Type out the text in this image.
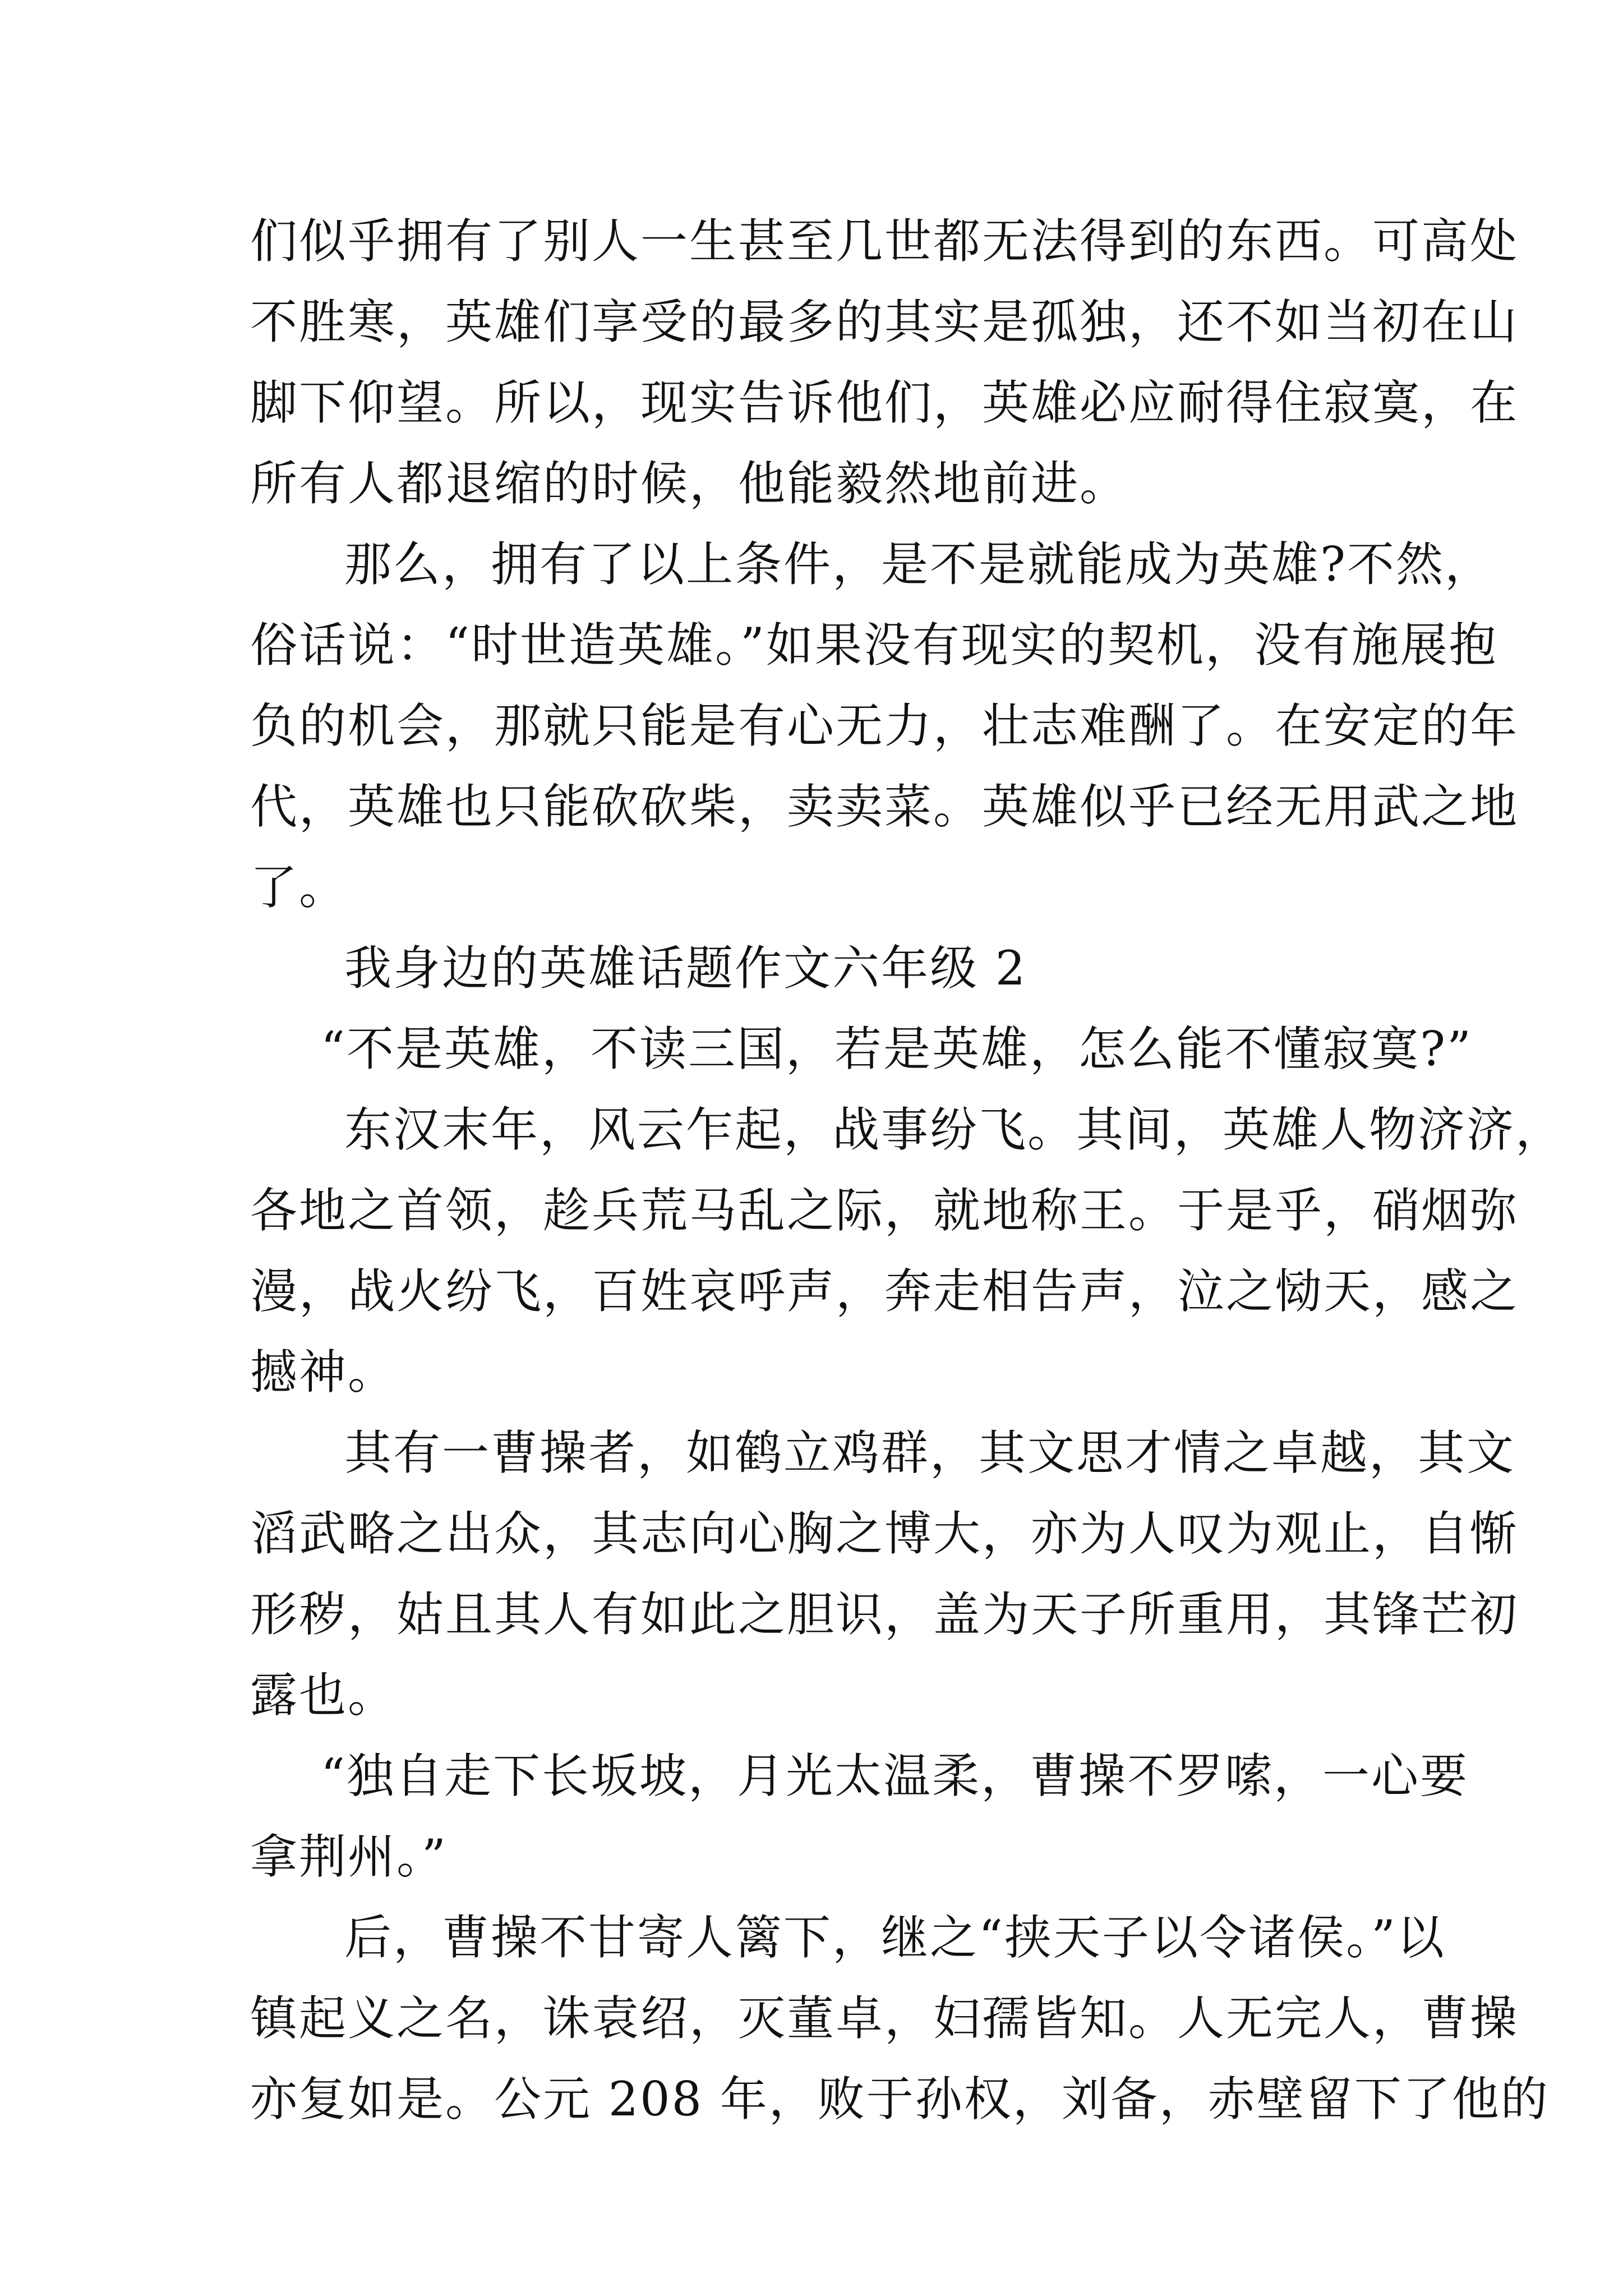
们似乎拥有了别人一生甚至几世都无法得到的东西。可高处
不胜寒，英雄们享受的最多的其实是孤独，还不如当初在山
脚下仰望。所以，现实告诉他们，英雄必应耐得住寂寞，在
所有人都退缩的时候，他能毅然地前进。
那么，拥有了以上条件，是不是就能成为英雄?不然，
俗话说：“时世造英雄。”如果没有现实的契机，没有施展抱
负的机会，那就只能是有心无力，壮志难酬了。在安定的年
代，英雄也只能砍砍柴，卖卖菜。英雄似乎已经无用武之地
了。
我身边的英雄话题作文六年级 2
“不是英雄，不读三国，若是英雄，怎么能不懂寂寞?”
东汉末年，风云乍起，战事纷飞。其间，英雄人物济济，
各地之首领，趁兵荒马乱之际，就地称王。于是乎，硝烟弥
漫，战火纷飞，百姓哀呼声，奔走相告声，泣之恸天，感之
撼神。
其有一曹操者，如鹤立鸡群，其文思才情之卓越，其文
滔武略之出众，其志向心胸之博大，亦为人叹为观止，自惭
形秽，姑且其人有如此之胆识，盖为天子所重用，其锋芒初
露也。
“独自走下长坂坡，月光太温柔，曹操不罗嗦，一心要
拿荆州。”
后，曹操不甘寄人篱下，继之“挟天子以令诸侯。”以
镇起义之名，诛袁绍，灭董卓，妇孺皆知。人无完人，曹操
亦复如是。公元 208 年，败于孙权，刘备，赤壁留下了他的
